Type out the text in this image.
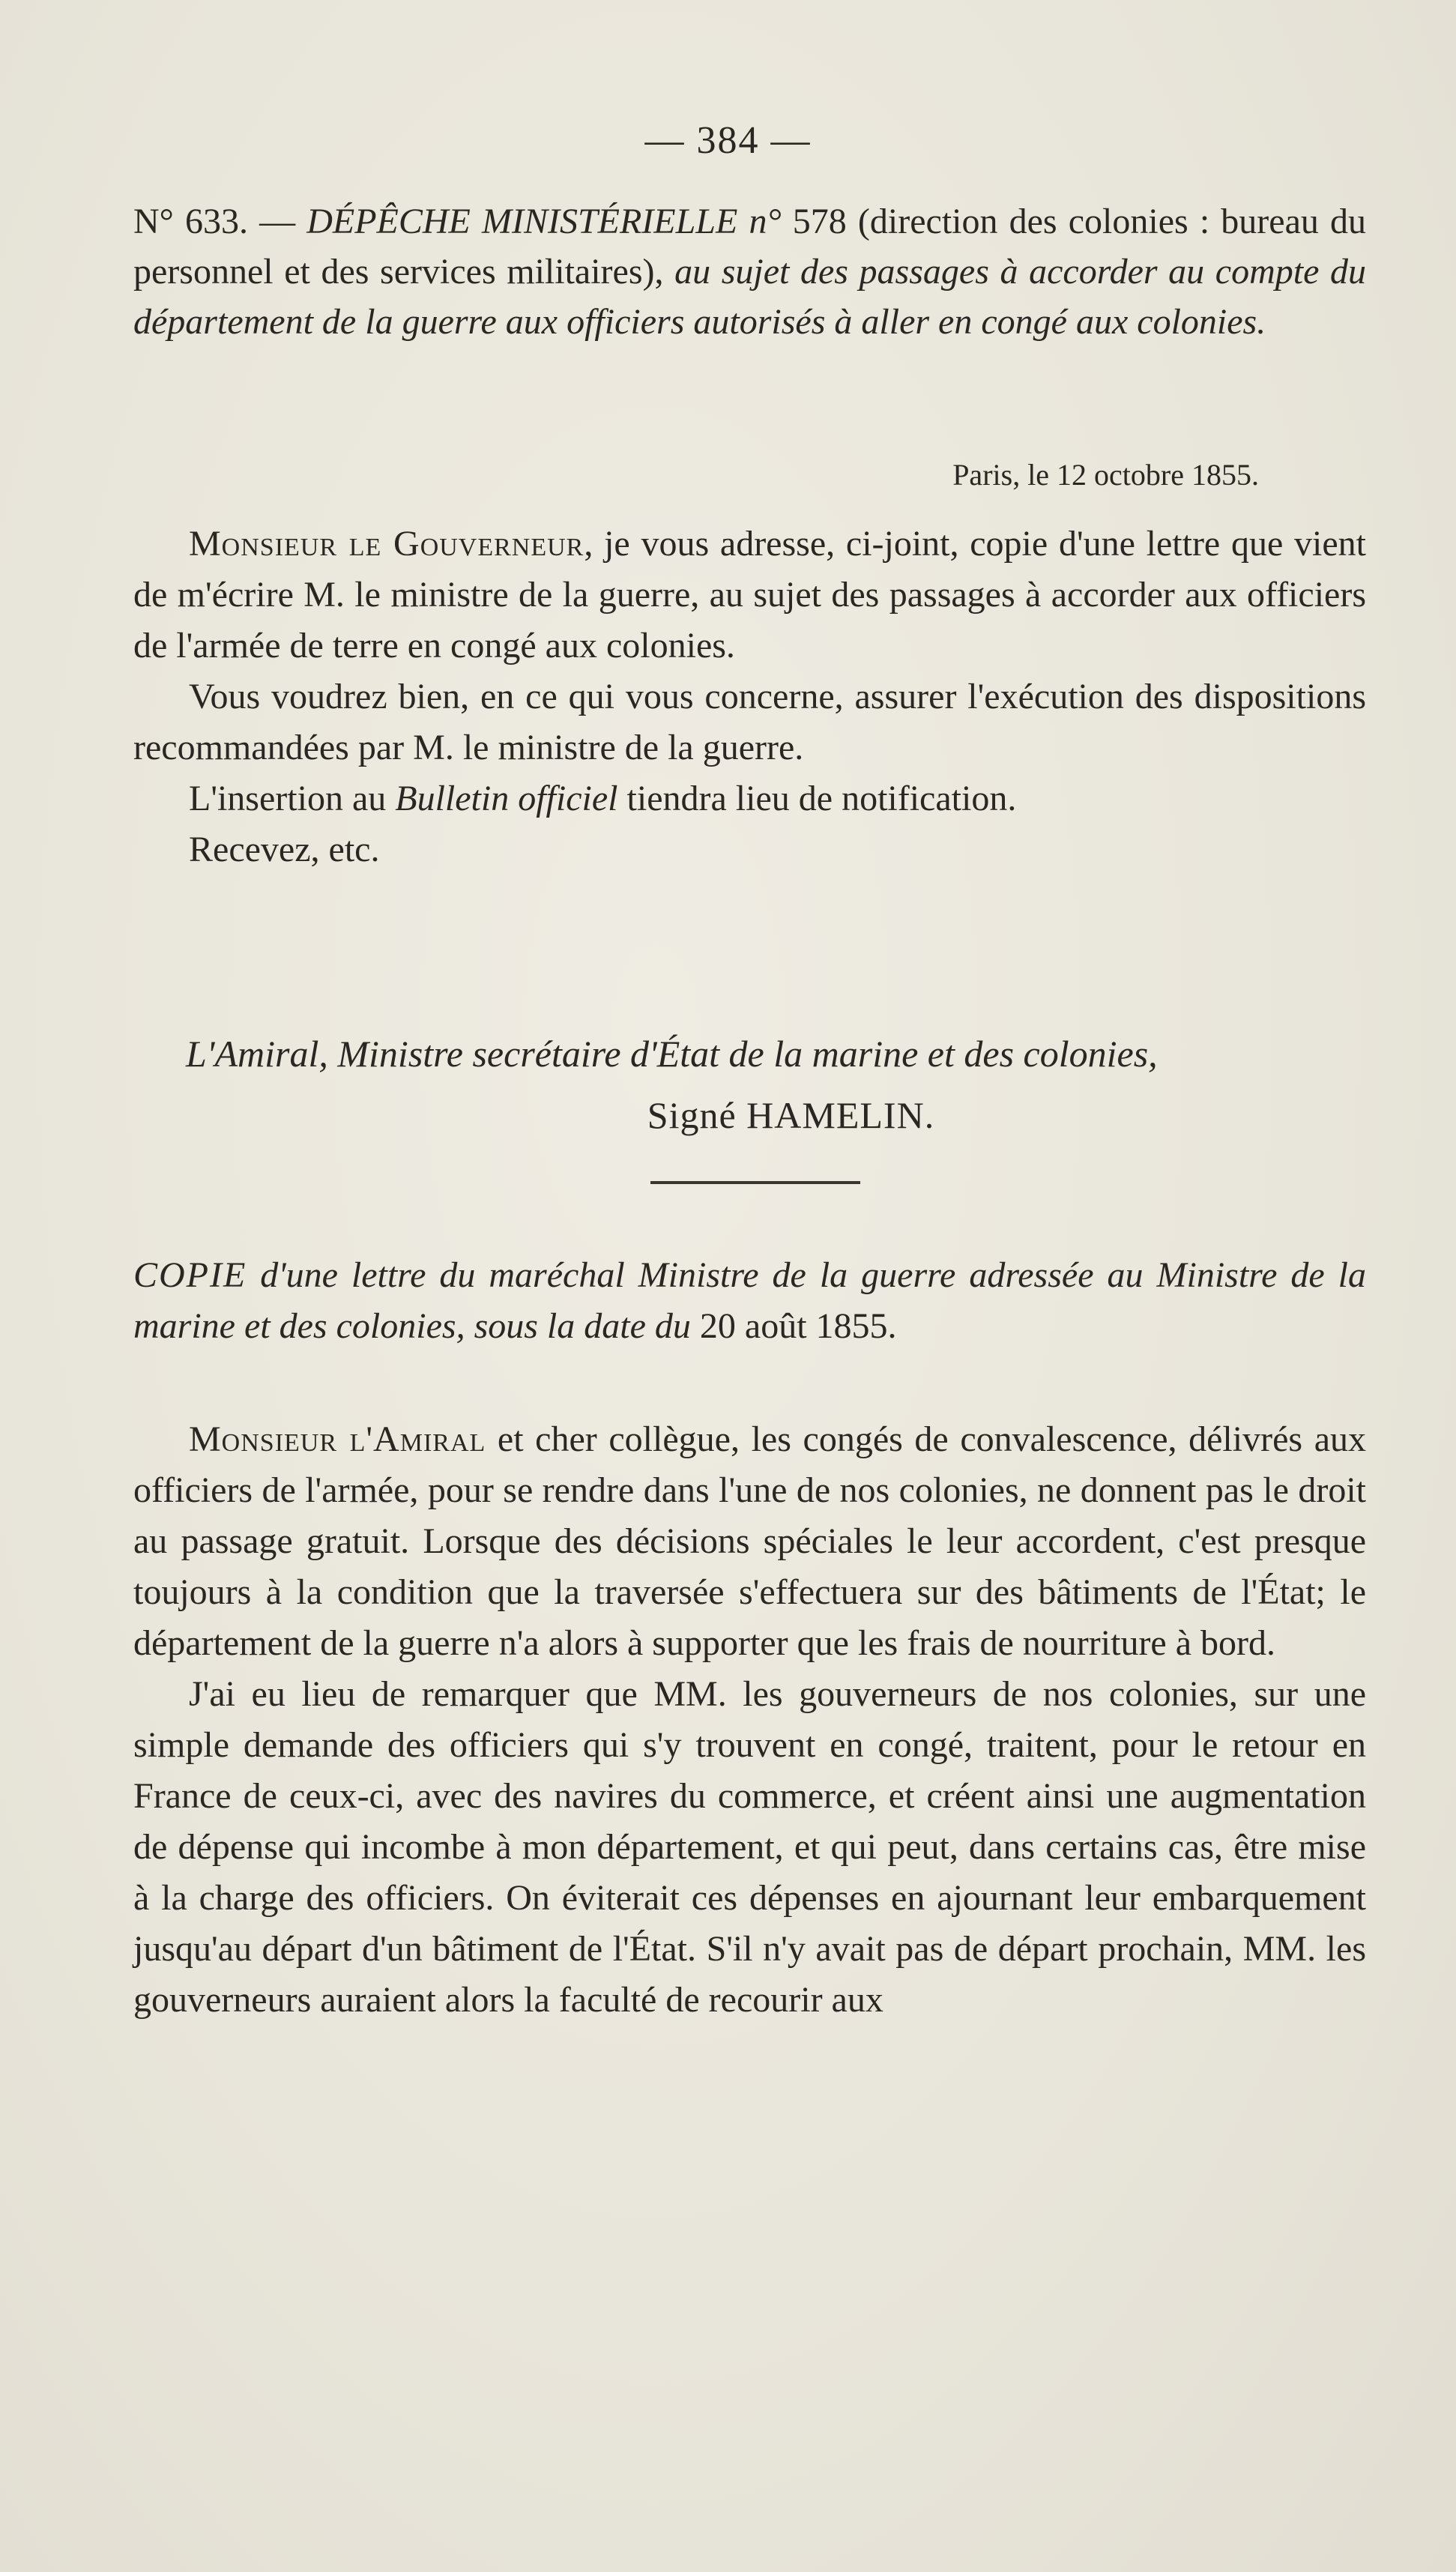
— 384 —
N° 633. — DÉPÊCHE MINISTÉRIELLE n° 578 (direction des colonies : bureau du personnel et des services militaires), au sujet des passages à accorder au compte du département de la guerre aux officiers autorisés à aller en congé aux colonies.
Paris, le 12 octobre 1855.
Monsieur le Gouverneur, je vous adresse, ci-joint, copie d'une lettre que vient de m'écrire M. le ministre de la guerre, au sujet des passages à accorder aux officiers de l'armée de terre en congé aux colonies.
Vous voudrez bien, en ce qui vous concerne, assurer l'exécution des dispositions recommandées par M. le ministre de la guerre.
L'insertion au Bulletin officiel tiendra lieu de notification.
Recevez, etc.
L'Amiral, Ministre secrétaire d'État de la marine et des colonies,
Signé HAMELIN.
COPIE d'une lettre du maréchal Ministre de la guerre adressée au Ministre de la marine et des colonies, sous la date du 20 août 1855.
Monsieur l'Amiral et cher collègue, les congés de convalescence, délivrés aux officiers de l'armée, pour se rendre dans l'une de nos colonies, ne donnent pas le droit au passage gratuit. Lorsque des décisions spéciales le leur accordent, c'est presque toujours à la condition que la traversée s'effectuera sur des bâtiments de l'État; le département de la guerre n'a alors à supporter que les frais de nourriture à bord.
J'ai eu lieu de remarquer que MM. les gouverneurs de nos colonies, sur une simple demande des officiers qui s'y trouvent en congé, traitent, pour le retour en France de ceux-ci, avec des navires du commerce, et créent ainsi une augmentation de dépense qui incombe à mon département, et qui peut, dans certains cas, être mise à la charge des officiers. On éviterait ces dépenses en ajournant leur embarquement jusqu'au départ d'un bâtiment de l'État. S'il n'y avait pas de départ prochain, MM. les gouverneurs auraient alors la faculté de recourir aux
